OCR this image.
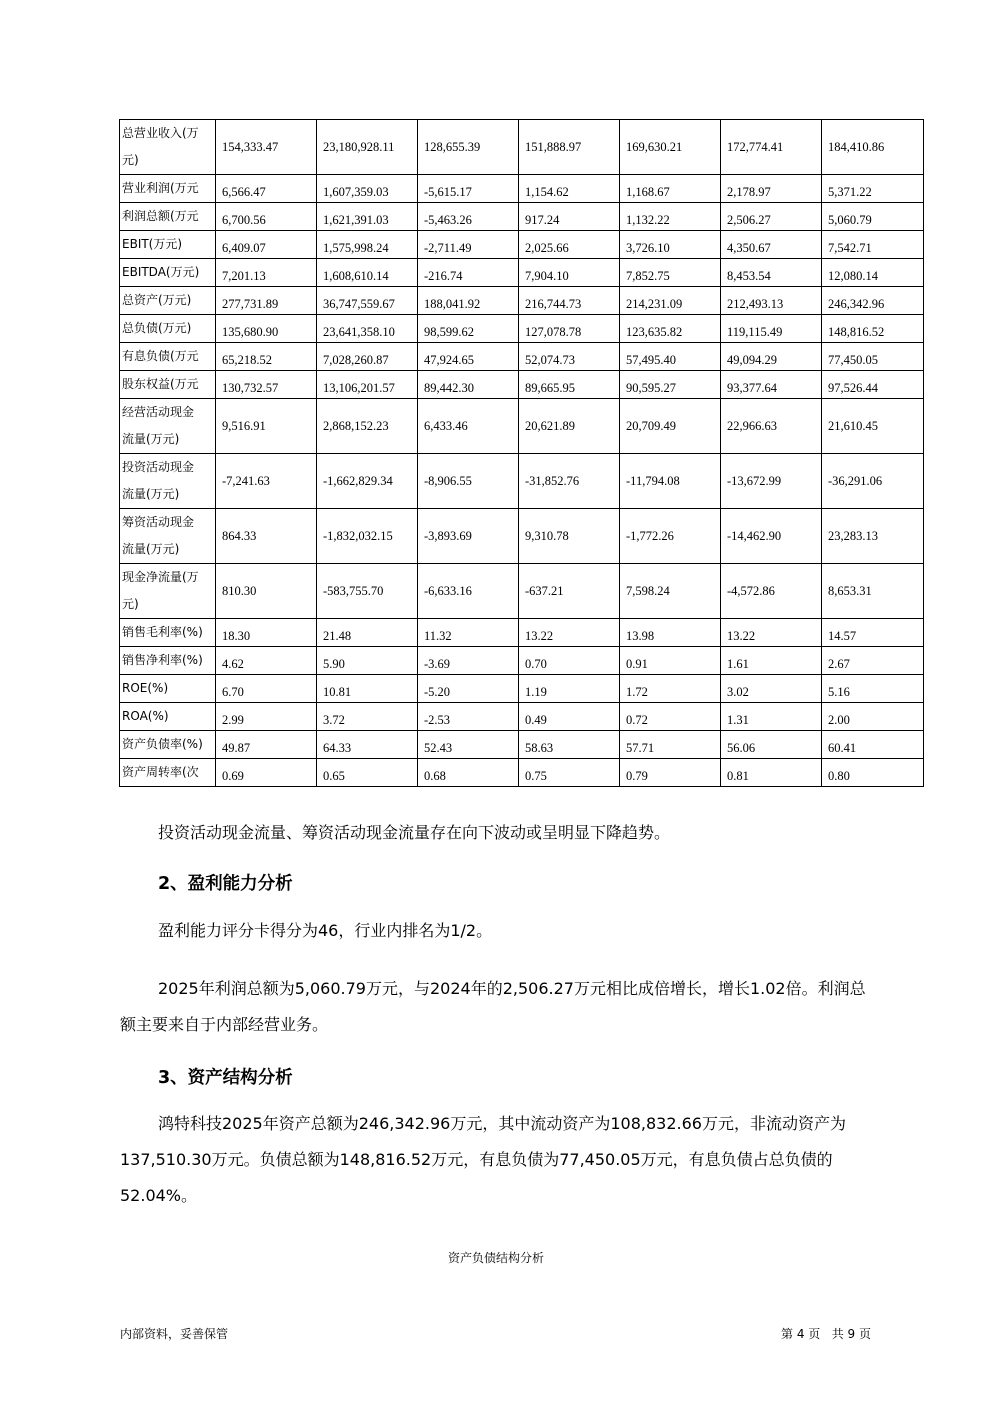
总营业收入(万
元)	154,333.47	23,180,928.11	128,655.39	151,888.97	169,630.21	172,774.41	184,410.86
营业利润(万元	6,566.47	1,607,359.03	-5,615.17	1,154.62	1,168.67	2,178.97	5,371.22
利润总额(万元	6,700.56	1,621,391.03	-5,463.26	917.24	1,132.22	2,506.27	5,060.79
EBIT(万元)	6,409.07	1,575,998.24	-2,711.49	2,025.66	3,726.10	4,350.67	7,542.71
EBITDA(万元)	7,201.13	1,608,610.14	-216.74	7,904.10	7,852.75	8,453.54	12,080.14
总资产(万元)	277,731.89	36,747,559.67	188,041.92	216,744.73	214,231.09	212,493.13	246,342.96
总负债(万元)	135,680.90	23,641,358.10	98,599.62	127,078.78	123,635.82	119,115.49	148,816.52
有息负债(万元	65,218.52	7,028,260.87	47,924.65	52,074.73	57,495.40	49,094.29	77,450.05
股东权益(万元	130,732.57	13,106,201.57	89,442.30	89,665.95	90,595.27	93,377.64	97,526.44

经营活动现金
流量(万元)	9,516.91	2,868,152.23	6,433.46	20,621.89	20,709.49	22,966.63	21,610.45

投资活动现金
流量(万元)	-7,241.63	-1,662,829.34	-8,906.55	-31,852.76	-11,794.08	-13,672.99	-36,291.06

筹资活动现金
流量(万元)	864.33	-1,832,032.15	-3,893.69	9,310.78	-1,772.26	-14,462.90	23,283.13

现金净流量(万
元)	810.30	-583,755.70	-6,633.16	-637.21	7,598.24	-4,572.86	8,653.31
销售毛利率(%)	18.30	21.48	11.32	13.22	13.98	13.22	14.57
销售净利率(%)	4.62	5.90	-3.69	0.70	0.91	1.61	2.67
ROE(%)	6.70	10.81	-5.20	1.19	1.72	3.02	5.16
ROA(%)	2.99	3.72	-2.53	0.49	0.72	1.31	2.00
资产负债率(%)	49.87	64.33	52.43	58.63	57.71	56.06	60.41
资产周转率(次	0.69	0.65	0.68	0.75	0.79	0.81	0.80

投资活动现金流量、筹资活动现金流量存在向下波动或呈明显下降趋势。

2、盈利能力分析

盈利能力评分卡得分为46，行业内排名为1/2。

2025年利润总额为5,060.79万元，与2024年的2,506.27万元相比成倍增长，增长1.02倍。利润总额主要来自于内部经营业务。

3、资产结构分析

鸿特科技2025年资产总额为246,342.96万元，其中流动资产为108,832.66万元，非流动资产为137,510.30万元。负债总额为148,816.52万元，有息负债为77,450.05万元，有息负债占总负债的52.04%。

资产负债结构分析
内部资料，妥善保管	第 4 页   共 9 页
